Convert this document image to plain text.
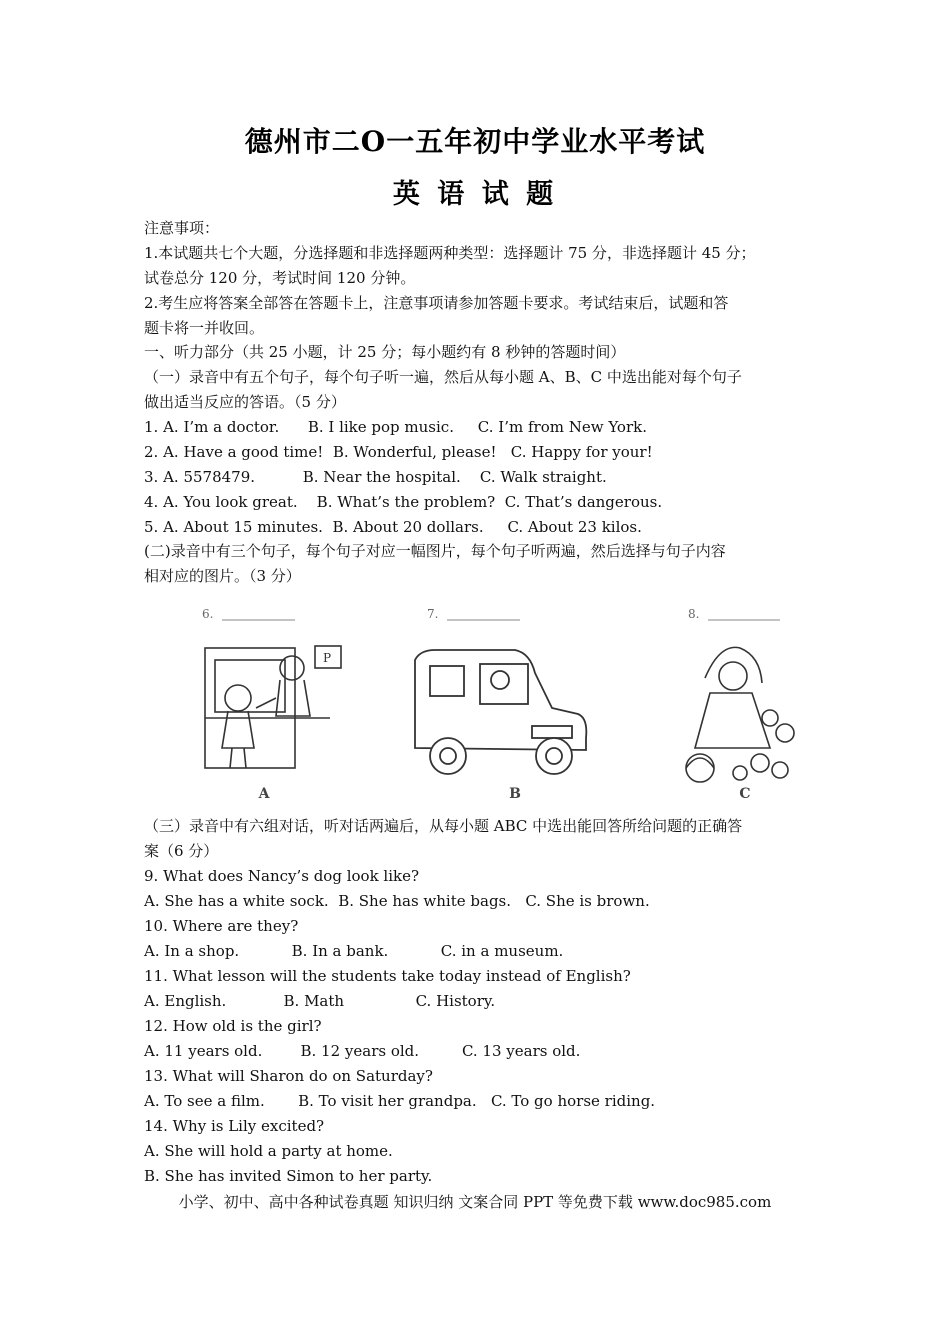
德州市二O一五年初中学业水平考试
英 语 试 题
注意事项：
1.本试题共七个大题，分选择题和非选择题两种类型：选择题计 75 分，非选择题计 45 分；
试卷总分 120 分，考试时间 120 分钟。
2.考生应将答案全部答在答题卡上，注意事项请参加答题卡要求。考试结束后，试题和答
题卡将一并收回。
一、听力部分（共 25 小题，计 25 分；每小题约有 8 秒钟的答题时间）
（一）录音中有五个句子，每个句子听一遍，然后从每小题 A、B、C 中选出能对每个句子
做出适当反应的答语。（5 分）
1. A. I’m a doctor.      B. I like pop music.     C. I’m from New York.
2. A. Have a good time!  B. Wonderful, please!   C. Happy for your!
3. A. 5578479.          B. Near the hospital.    C. Walk straight.
4. A. You look great.    B. What’s the problem?  C. That’s dangerous.
5. A. About 15 minutes.  B. About 20 dollars.     C. About 23 kilos.
(二)录音中有三个句子，每个句子对应一幅图片，每个句子听两遍，然后选择与句子内容
相对应的图片。（3 分）
6.	7.	8.
P
A	B	C
（三）录音中有六组对话，听对话两遍后，从每小题 ABC 中选出能回答所给问题的正确答
案（6 分）
9. What does Nancy’s dog look like?
A. She has a white sock.  B. She has white bags.   C. She is brown.
10. Where are they?
A. In a shop.           B. In a bank.           C. in a museum.
11. What lesson will the students take today instead of English?
A. English.            B. Math               C. History.
12. How old is the girl?
A. 11 years old.        B. 12 years old.         C. 13 years old.
13. What will Sharon do on Saturday?
A. To see a film.       B. To visit her grandpa.   C. To go horse riding.
14. Why is Lily excited?
A. She will hold a party at home.
B. She has invited Simon to her party.
小学、初中、高中各种试卷真题 知识归纳 文案合同 PPT 等免费下载 www.doc985.com
